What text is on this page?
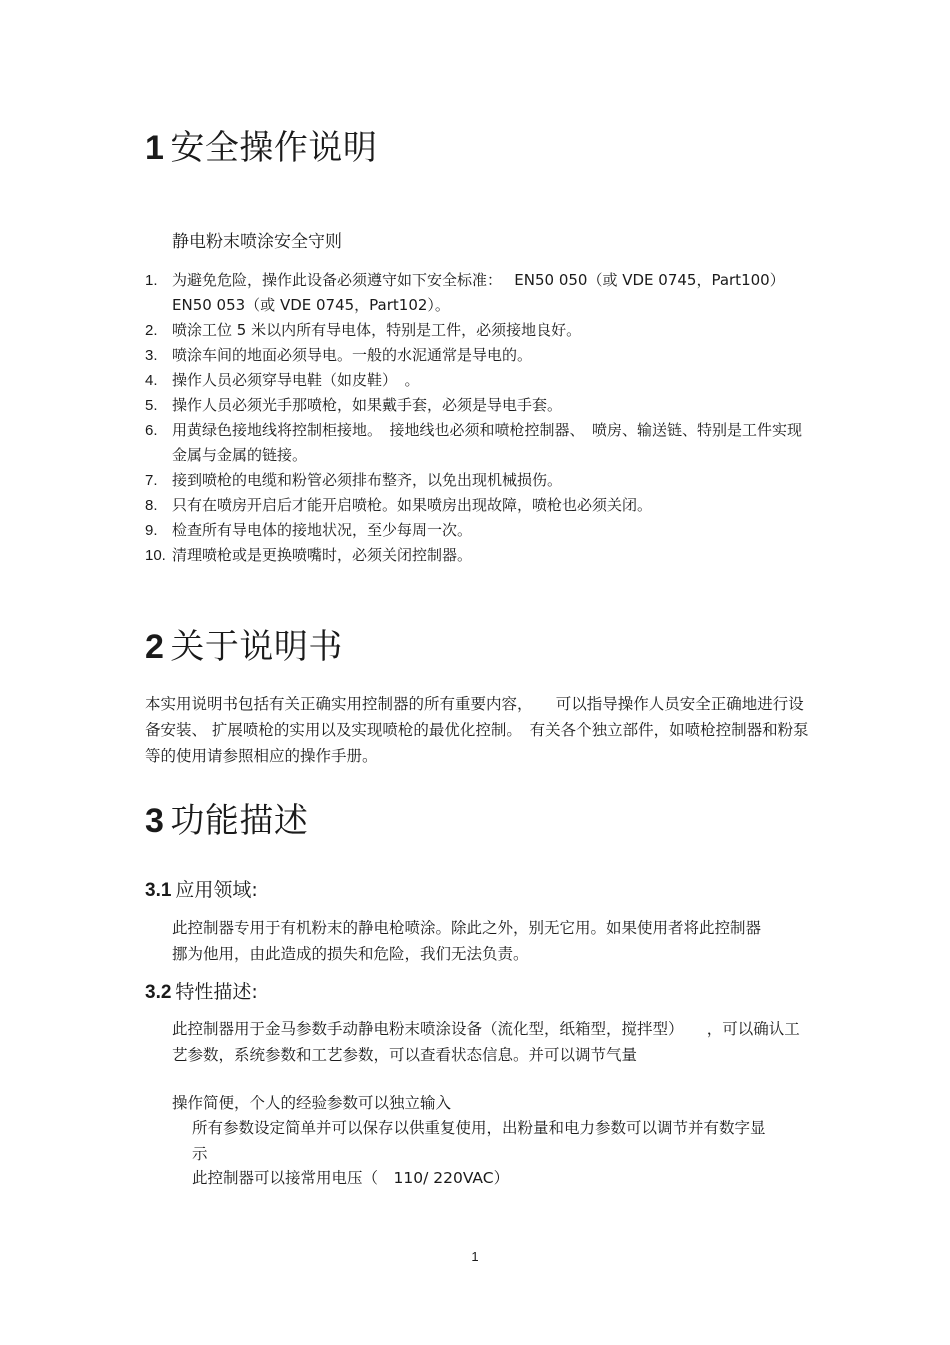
1 安全操作说明

静电粉末喷涂安全守则

1. 为避免危险，操作此设备必须遵守如下安全标准：　 EN50 050（或 VDE 0745，Part100） EN50 053（或 VDE 0745，Part102）。
2. 喷涂工位 5 米以内所有导电体，特别是工件，必须接地良好。
3. 喷涂车间的地面必须导电。一般的水泥通常是导电的。
4. 操作人员必须穿导电鞋（如皮鞋）　。
5. 操作人员必须光手那喷枪，如果戴手套，必须是导电手套。
6. 用黄绿色接地线将控制柜接地。　接地线也必须和喷枪控制器、　喷房、输送链、特别是工件实现金属与金属的链接。
7. 接到喷枪的电缆和粉管必须排布整齐，以免出现机械损伤。
8. 只有在喷房开启后才能开启喷枪。如果喷房出现故障，喷枪也必须关闭。
9. 检查所有导电体的接地状况，至少每周一次。
10. 清理喷枪或是更换喷嘴时，必须关闭控制器。
2 关于说明书

本实用说明书包括有关正确实用控制器的所有重要内容，　　可以指导操作人员安全正确地进行设备安装、 扩展喷枪的实用以及实现喷枪的最优化控制。　有关各个独立部件，如喷枪控制器和粉泵等的使用请参照相应的操作手册。

3 功能描述
3.1 应用领域:

此控制器专用于有机粉末的静电枪喷涂。除此之外，别无它用。如果使用者将此控制器挪为他用，由此造成的损失和危险，我们无法负责。

3.2 特性描述:

此控制器用于金马参数手动静电粉末喷涂设备（流化型，纸箱型，搅拌型）　　，可以确认工艺参数，系统参数和工艺参数，可以查看状态信息。并可以调节气量

操作简便，个人的经验参数可以独立输入

所有参数设定简单并可以保存以供重复使用，出粉量和电力参数可以调节并有数字显示

此控制器可以接常用电压（　110/ 220VAC）

1
